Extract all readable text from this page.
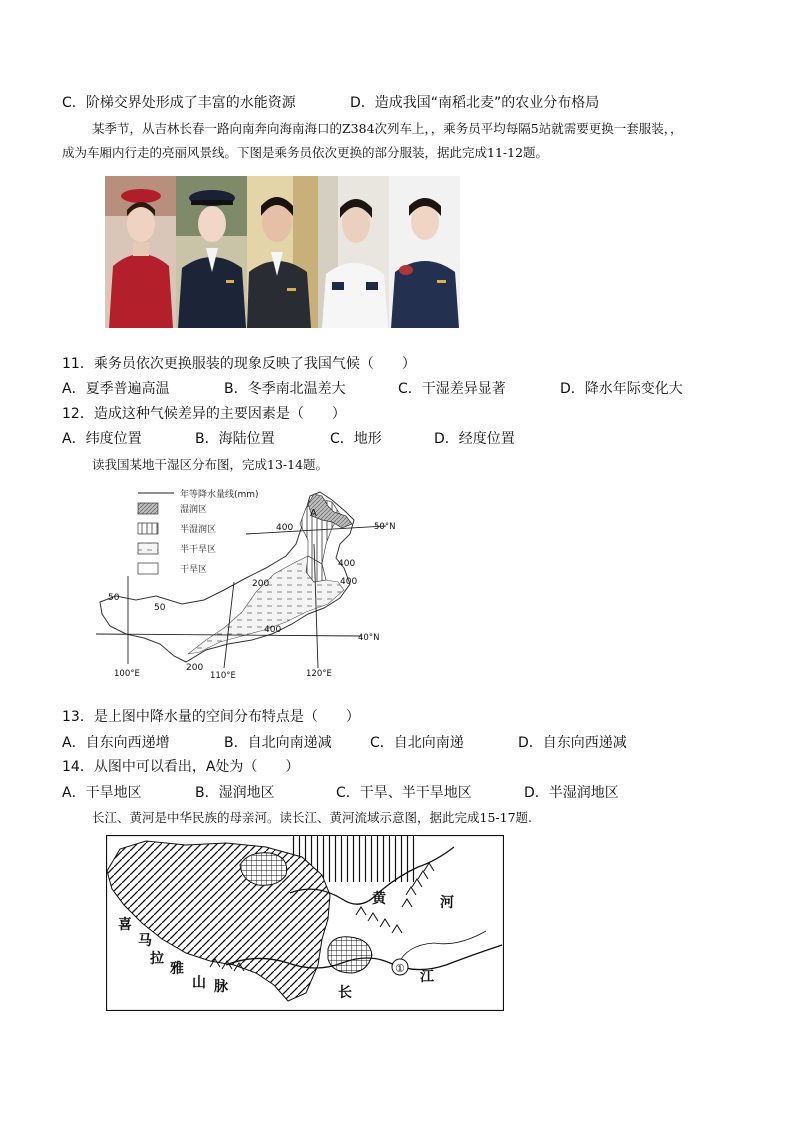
C．阶梯交界处形成了丰富的水能资源	D．造成我国“南稻北麦”的农业分布格局
某季节，从吉林长春一路向南奔向海南海口的Z384次列车上，，乘务员平均每隔5站就需要更换一套服装，，
成为车厢内行走的亮丽风景线。下图是乘务员依次更换的部分服装，据此完成11-12题。
11．乘务员依次更换服装的现象反映了我国气候（　　）
A．夏季普遍高温	B．冬季南北温差大	C．干湿差异显著	D．降水年际变化大
12．造成这种气候差异的主要因素是（　　）
A．纬度位置	B．海陆位置	C．地形	D．经度位置
读我国某地干湿区分布图，完成13-14题。
年等降水量线(mm)
湿润区
半湿润区
半干旱区
干旱区
400	50°N
A
400
400
200
50
50
400
40°N
100°E	110°E
200
120°E
13．是上图中降水量的空间分布特点是（　　）
A．自东向西递增	B．自北向南递减	C．自北向南递	D．自东向西递减
14．从图中可以看出，A处为（　　）
A．干旱地区	B．湿润地区	C．干旱、半干旱地区	D．半湿润地区
长江、黄河是中华民族的母亲河。读长江、黄河流域示意图，据此完成15-17题.
①
喜
马
拉
雅
山 脉
黄	河
长
江
